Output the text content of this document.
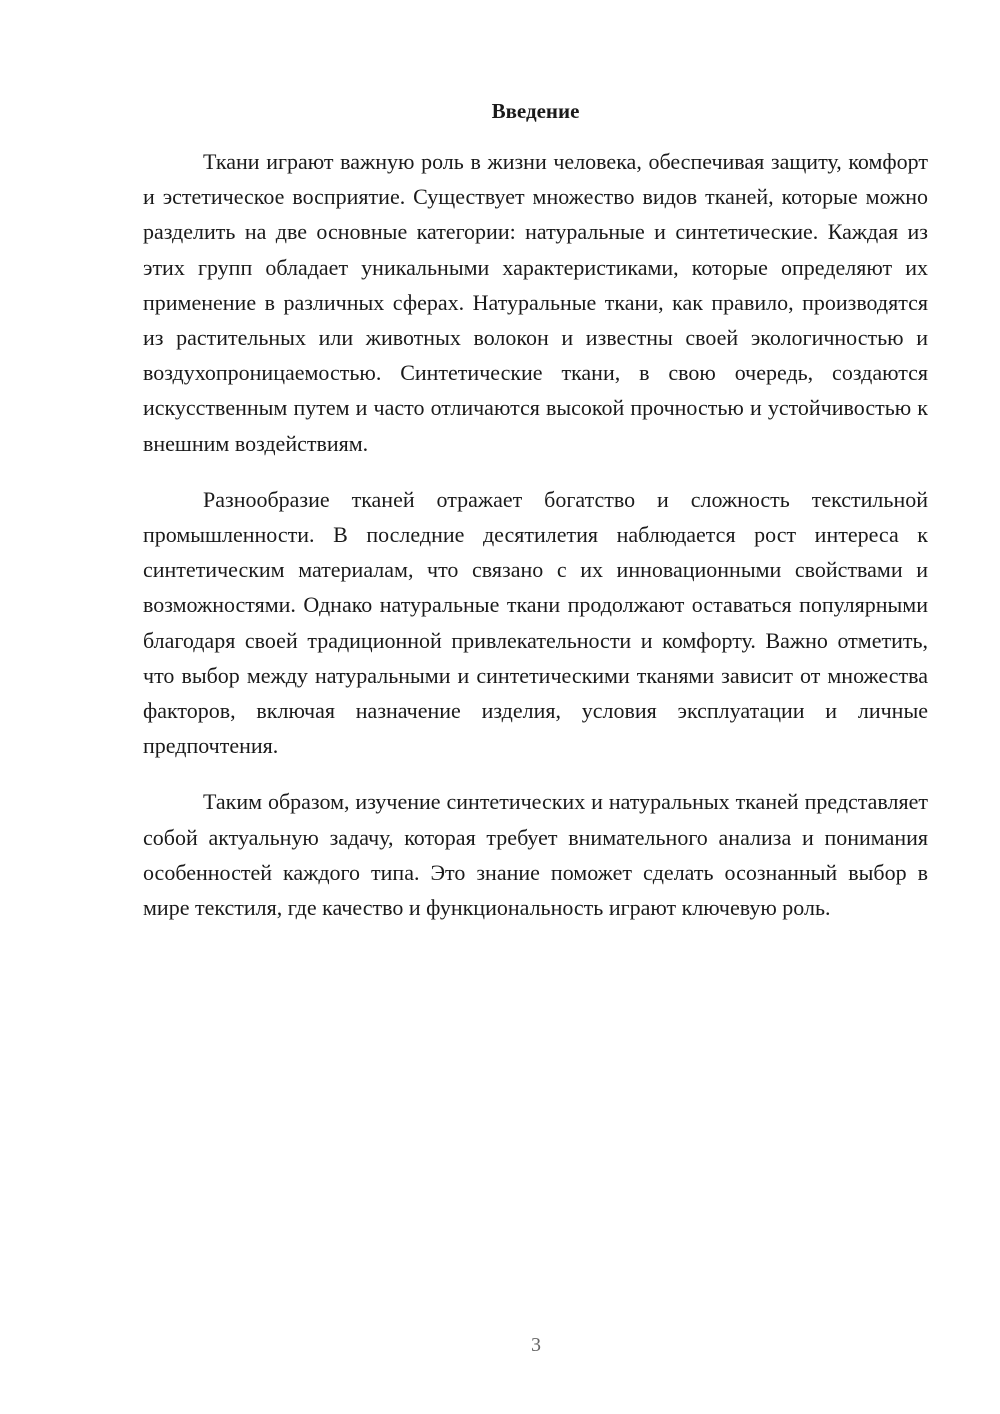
Введение

Ткани играют важную роль в жизни человека, обеспечивая защиту, комфорт и эстетическое восприятие. Существует множество видов тканей, которые можно разделить на две основные категории: натуральные и синтетические. Каждая из этих групп обладает уникальными характеристиками, которые определяют их применение в различных сферах. Натуральные ткани, как правило, производятся из растительных или животных волокон и известны своей экологичностью и воздухопроницаемостью. Синтетические ткани, в свою очередь, создаются искусственным путем и часто отличаются высокой прочностью и устойчивостью к внешним воздействиям.

Разнообразие тканей отражает богатство и сложность текстильной промышленности. В последние десятилетия наблюдается рост интереса к синтетическим материалам, что связано с их инновационными свойствами и возможностями. Однако натуральные ткани продолжают оставаться популярными благодаря своей традиционной привлекательности и комфорту. Важно отметить, что выбор между натуральными и синтетическими тканями зависит от множества факторов, включая назначение изделия, условия эксплуатации и личные предпочтения.

Таким образом, изучение синтетических и натуральных тканей представляет собой актуальную задачу, которая требует внимательного анализа и понимания особенностей каждого типа. Это знание поможет сделать осознанный выбор в мире текстиля, где качество и функциональность играют ключевую роль.

3
